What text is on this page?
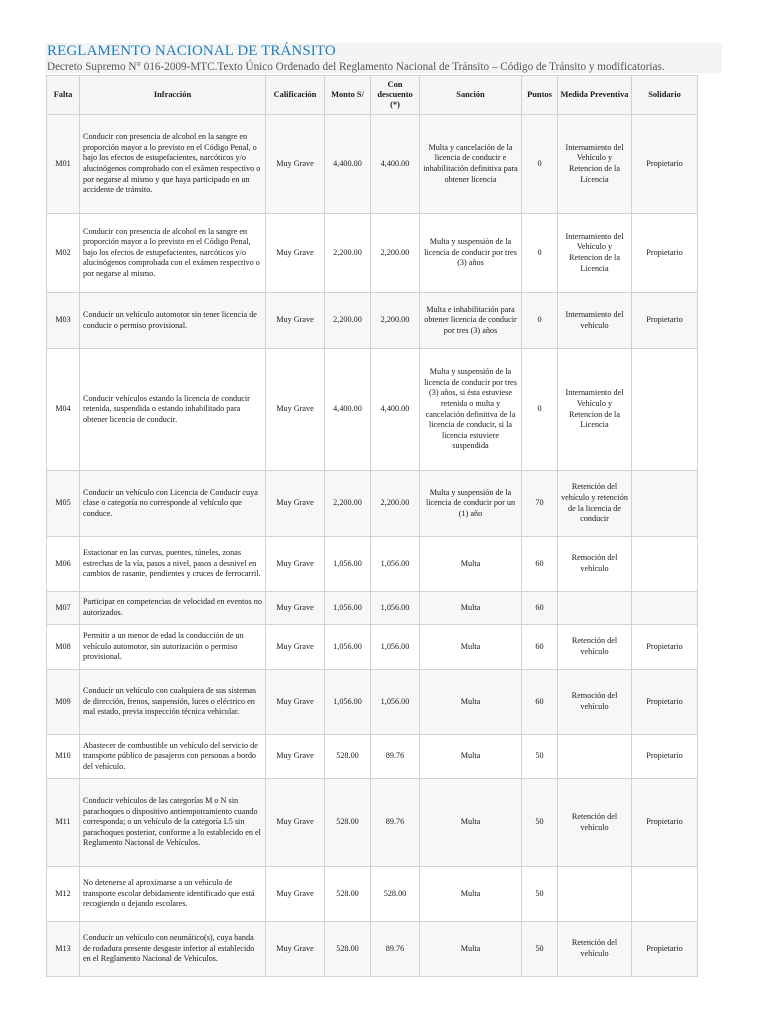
REGLAMENTO NACIONAL DE TRÁNSITO
Decreto Supremo N° 016-2009-MTC.Texto Único Ordenado del Reglamento Nacional de Tránsito – Código de Tránsito y modificatorias.
Falta	Infracción	Calificación	Monto S/	Con descuento (*)	Sanción	Puntos	Medida Preventiva	Solidario
M01	Conducir con presencia de alcohol en la sangre en proporción mayor a lo previsto en el Código Penal, o bajo los efectos de estupefacientes, narcóticos y/o alucinógenos comprobado con el exámen respectivo o por negarse al mismo y que haya participado en un accidente de tránsito.	Muy Grave	4,400.00	4,400.00	Multa y cancelación de la licencia de conducir e inhabilitación definitiva para obtener licencia	0	Internamiento del Vehículo y Retencion de la Licencia	Propietario
M02	Conducir con presencia de alcohol en la sangre en proporción mayor a lo previsto en el Código Penal, bajo los efectos de estupefacientes, narcóticos y/o alucinógenos comprobada con el exámen respectivo o por negarse al mismo.	Muy Grave	2,200.00	2,200.00	Multa y suspensión de la licencia de conducir por tres (3) años	0	Internamiento del Vehículo y Retencion de la Licencia	Propietario
M03	Conducir un vehículo automotor sin tener licencia de conducir o permiso provisional.	Muy Grave	2,200.00	2,200.00	Multa e inhabilitación para obtener licencia de conducir por tres (3) años	0	Internamiento del vehículo	Propietario
M04	Conducir vehículos estando la licencia de conducir retenida, suspendida o estando inhabilitado para obtener licencia de conducir.	Muy Grave	4,400.00	4,400.00	Multa y suspensión de la licencia de conducir por tres (3) años, si ésta estuviese retenida o multa y cancelación definitiva de la licencia de conducir, si la licencia estuviere suspendida	0	Internamiento del Vehículo y Retencion de la Licencia	
M05	Conducir un vehículo con Licencia de Conducir cuya clase o categoría no corresponde al vehículo que conduce.	Muy Grave	2,200.00	2,200.00	Multa y suspensión de la licencia de conducir por un (1) año	70	Retención del vehículo y retención de la licencia de conducir	
M06	Estacionar en las curvas, puentes, túneles, zonas estrechas de la vía, pasos a nivel, pasos a desnivel en cambios de rasante, pendientes y cruces de ferrocarril.	Muy Grave	1,056.00	1,056.00	Multa	60	Remoción del vehículo	
M07	Participar en competencias de velocidad en eventos no autorizados.	Muy Grave	1,056.00	1,056.00	Multa	60		
M08	Permitir a un menor de edad la conducción de un vehículo automotor, sin autorización o permiso provisional.	Muy Grave	1,056.00	1,056.00	Multa	60	Retención del vehículo	Propietario
M09	Conducir un vehículo con cualquiera de sus sistemas de dirección, frenos, suspensión, luces o eléctrico en mal estado, previa inspección técnica vehicular.	Muy Grave	1,056.00	1,056.00	Multa	60	Remoción del vehículo	Propietario
M10	Abastecer de combustible un vehículo del servicio de transporte público de pasajeros con personas a bordo del vehículo.	Muy Grave	528.00	89.76	Multa	50		Propietario
M11	Conducir vehículos de las categorías M o N sin parachoques o dispositivo antiempotramiento cuando corresponda; o un vehículo de la categoría L5 sin parachoques posterior, conforme a lo establecido en el Reglamento Nacional de Vehículos.	Muy Grave	528.00	89.76	Multa	50	Retención del vehículo	Propietario
M12	No detenerse al aproximarse a un vehículo de transporte escolar debidamente identificado que está recogiendo o dejando escolares.	Muy Grave	528.00	528.00	Multa	50		
M13	Conducir un vehículo con neumático(s), cuya banda de rodadura presente desgaste inferior al establecido en el Reglamento Nacional de Vehículos.	Muy Grave	528.00	89.76	Multa	50	Retención del vehículo	Propietario
